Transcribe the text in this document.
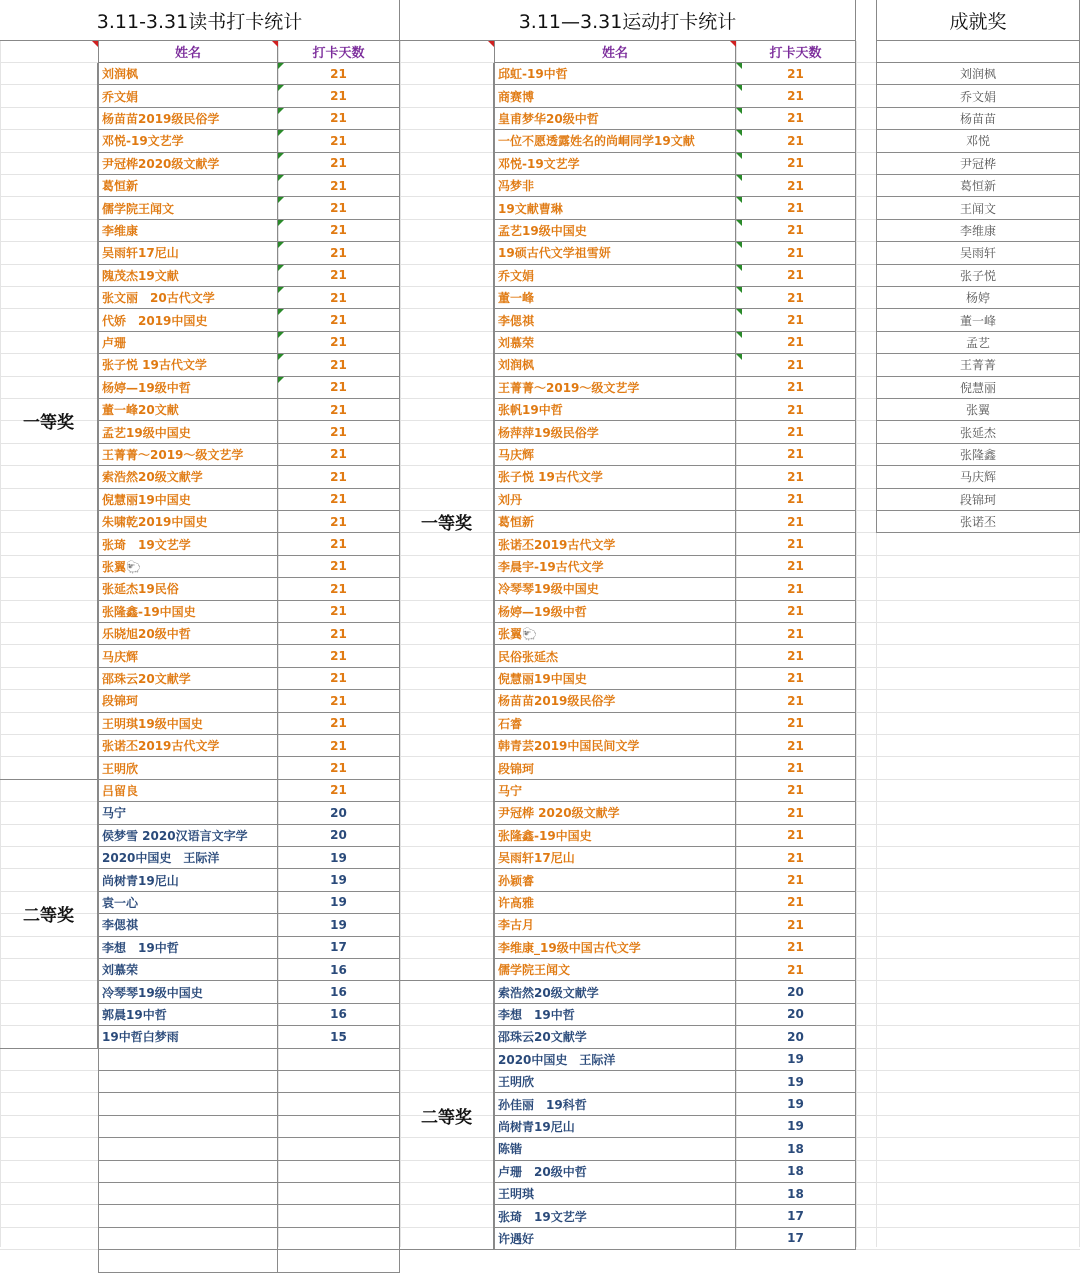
3.11-3.31读书打卡统计	3.11—3.31运动打卡统计	成就奖
姓名	打卡天数	姓名	打卡天数
刘润枫	21
乔文娟	21
杨苗苗2019级民俗学	21
邓悦-19文艺学	21
尹冠桦2020级文献学	21
葛恒新	21
儒学院王闻文	21
李维康	21
吴雨轩17尼山	21
隗茂杰19文献	21
张文丽　20古代文学	21
代娇　2019中国史	21
卢珊	21
张子悦 19古代文学	21
杨婷—19级中哲	21
董一峰20文献	21
孟艺19级中国史	21
王菁菁～2019～级文艺学	21
索浩然20级文献学	21
倪慧丽19中国史	21
朱啸乾2019中国史	21
张琦　19文艺学	21
张翼🐑	21
张延杰19民俗	21
张隆鑫-19中国史	21
乐晓旭20级中哲	21
马庆辉	21
邵珠云20文献学	21
段锦珂	21
王明琪19级中国史	21
张诺丕2019古代文学	21
王明欣	21
吕留良	21
马宁	20
侯梦雪 2020汉语言文字学	20
2020中国史　王际洋	19
尚树青19尼山	19
袁一心	19
李偲祺	19
李想　19中哲	17
刘慕荣	16
冷琴琴19级中国史	16
郭晨19中哲	16
19中哲白梦雨	15
一等奖
二等奖
邱虹-19中哲	21
商赛博	21
皇甫梦华20级中哲	21
一位不愿透露姓名的尚峒同学19文献	21
邓悦-19文艺学	21
冯梦非	21
19文献曹琳	21
孟艺19级中国史	21
19硕古代文学祖雪妍	21
乔文娟	21
董一峰	21
李偲祺	21
刘慕荣	21
刘润枫	21
王菁菁～2019～级文艺学	21
张帆19中哲	21
杨萍萍19级民俗学	21
马庆辉	21
张子悦 19古代文学	21
刘丹	21
葛恒新	21
张诺丕2019古代文学	21
李晨宇-19古代文学	21
冷琴琴19级中国史	21
杨婷—19级中哲	21
张翼🐑	21
民俗张延杰	21
倪慧丽19中国史	21
杨苗苗2019级民俗学	21
石睿	21
韩青芸2019中国民间文学	21
段锦珂	21
马宁	21
尹冠桦 2020级文献学	21
张隆鑫-19中国史	21
吴雨轩17尼山	21
孙颖睿	21
许高雅	21
李古月	21
李维康_19级中国古代文学	21
儒学院王闻文	21
索浩然20级文献学	20
李想　19中哲	20
邵珠云20文献学	20
2020中国史　王际洋	19
王明欣	19
孙佳丽　19科哲	19
尚树青19尼山	19
陈锴	18
卢珊　20级中哲	18
王明琪	18
张琦　19文艺学	17
许遇好	17
一等奖
二等奖
刘润枫
乔文娟
杨苗苗
邓悦
尹冠桦
葛恒新
王闻文
李维康
吴雨轩
张子悦
杨婷
董一峰
孟艺
王菁菁
倪慧丽
张翼
张延杰
张隆鑫
马庆辉
段锦珂
张诺丕
